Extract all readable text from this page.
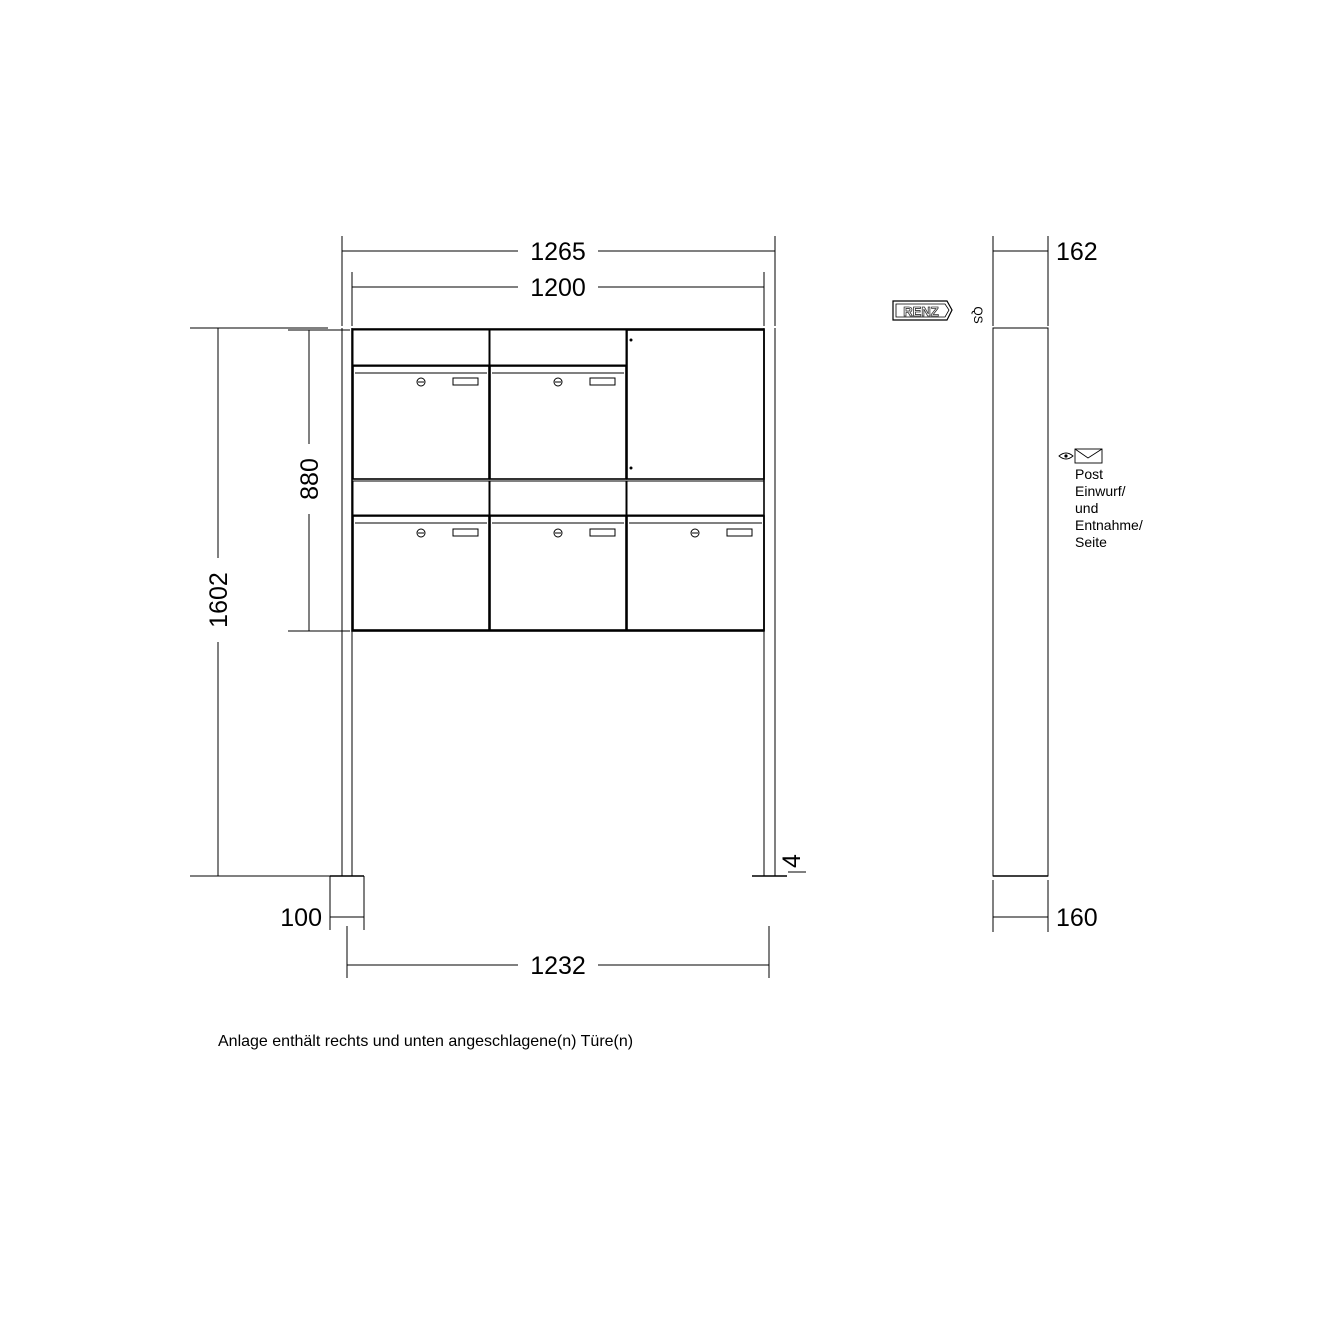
1265
1200
1602
880
4
100
1232
RENZ	QS
162
160
Post
Einwurf/
und
Entnahme/
Seite
Anlage enthält rechts und unten angeschlagene(n) Türe(n)
